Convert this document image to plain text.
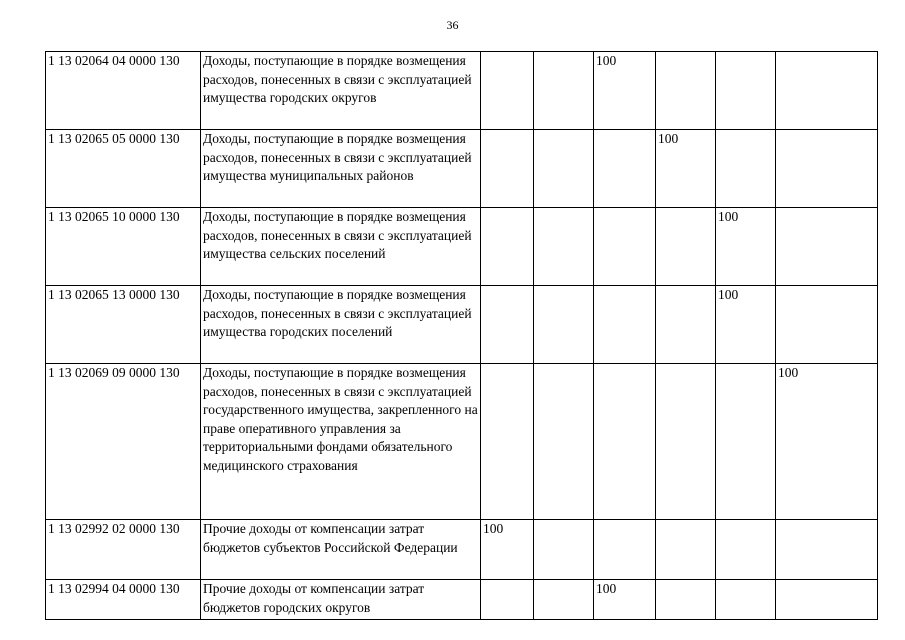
36
1 13 02064 04 0000 130	Доходы, поступающие в порядке возмещения расходов, понесенных в связи с эксплуатацией имущества городских округов			100			
1 13 02065 05 0000 130	Доходы, поступающие в порядке возмещения расходов, понесенных в связи с эксплуатацией имущества муниципальных районов				100		
1 13 02065 10 0000 130	Доходы, поступающие в порядке возмещения расходов, понесенных в связи с эксплуатацией имущества сельских поселений					100	
1 13 02065 13 0000 130	Доходы, поступающие в порядке возмещения расходов, понесенных в связи с эксплуатацией имущества городских поселений					100	
1 13 02069 09 0000 130	Доходы, поступающие в порядке возмещения расходов, понесенных в связи с эксплуатацией государственного имущества, закрепленного на праве оперативного управления за территориальными фондами обязательного медицинского страхования						100
1 13 02992 02 0000 130	Прочие доходы от компенсации затрат бюджетов субъектов Российской Федерации	100					
1 13 02994 04 0000 130	Прочие доходы от компенсации затрат бюджетов городских округов			100			
